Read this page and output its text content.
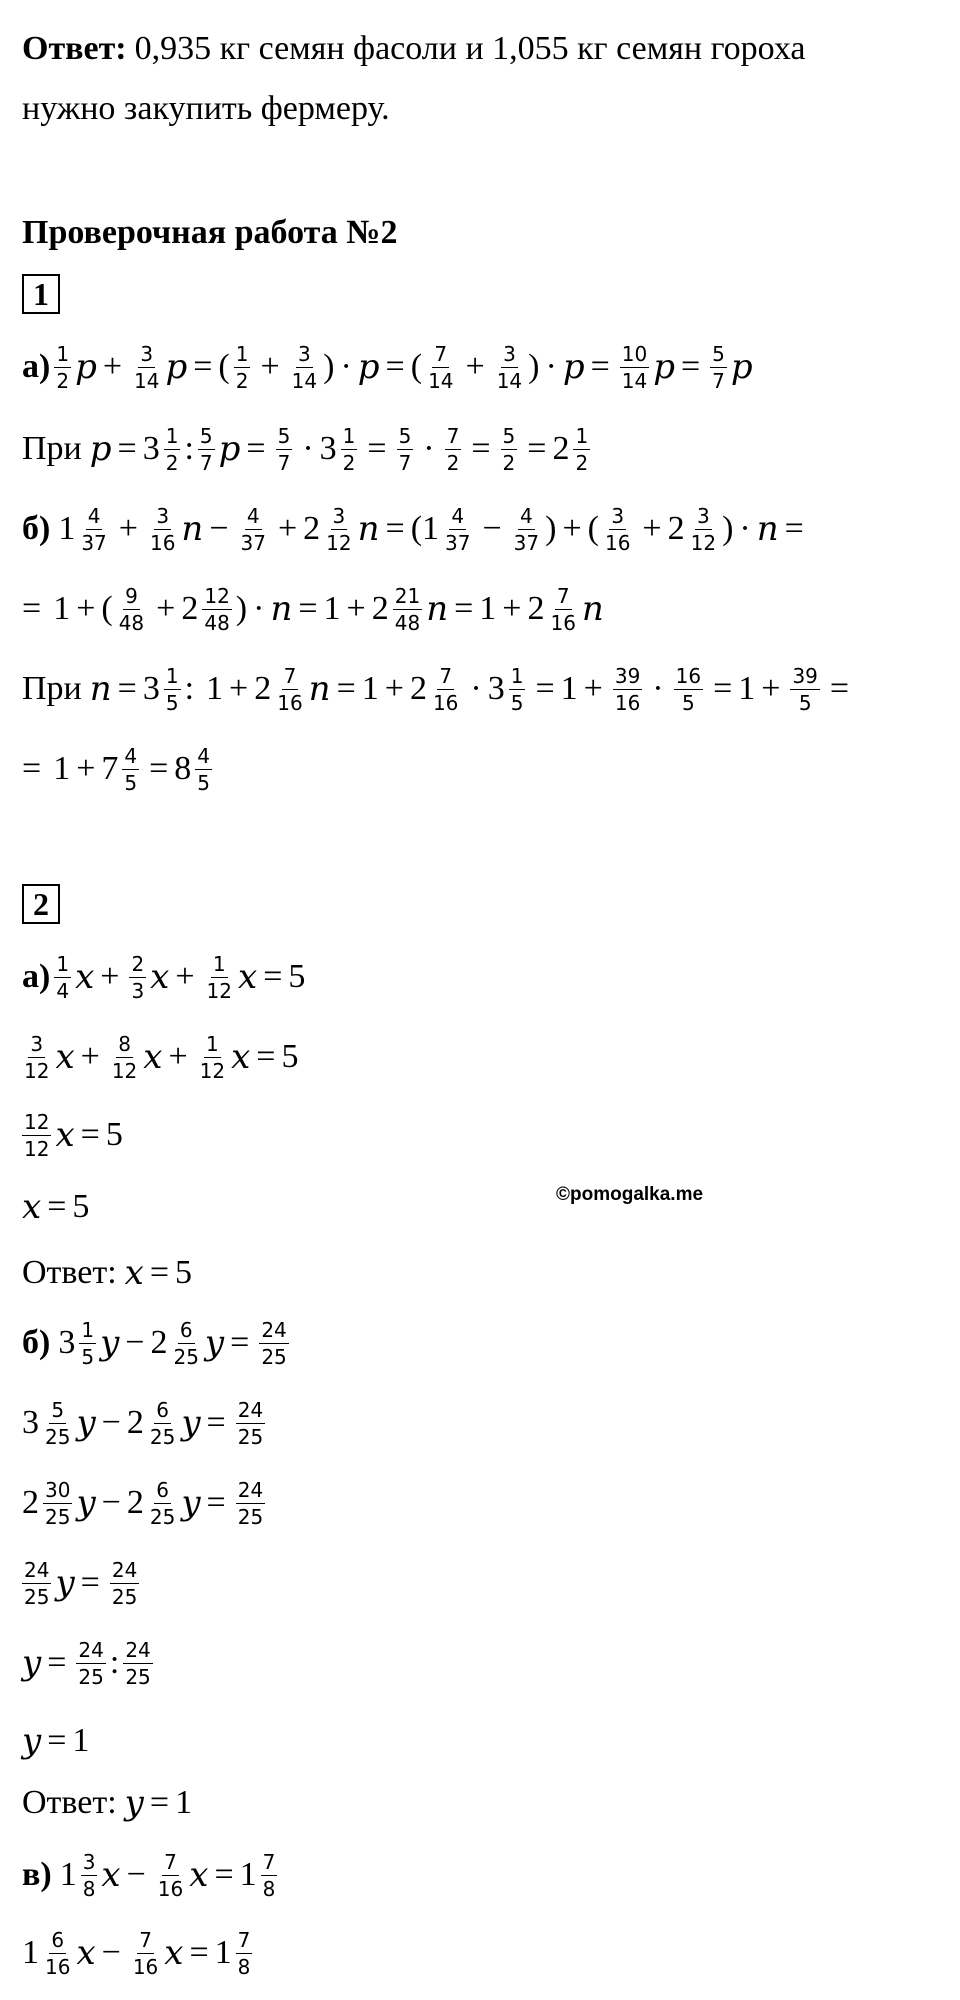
Ответ: 0,935 кг семян фасоли и 1,055 кг семян гороха
нужно закупить фермеру.
Проверочная работа №2
1
а) 1
2 $p + \frac{3}{14}$ p = ( $\frac{1}{2} + \frac{3}{14}$ ) · p = ( $\frac{7}{14} + \frac{3}{14}$ ) · $p = \frac{10}{14}$ $p = \frac{5}{7}$ p
При $p = 3 \frac{1}{2}$ : 5
7 $p = \frac{5}{7} \cdot 3 \frac{1}{2} = \frac{5}{7} \cdot \frac{7}{2} = \frac{5}{2} = 2 \frac{1}{2}$
б) 1 4
$37 + \frac{3}{16}$ $n - \frac{4}{37} + 2 \frac{3}{12}$ $n = (1 \frac{4}{37} - \frac{4}{37}$ ) + ( $\frac{3}{16} + 2 \frac{3}{12}$ ) · n =
= 1 + ( $\frac{9}{48} + 2 \frac{12}{48}$ ) · $n = 1 + 2 \frac{21}{48}$ $n = 1 + 2 \frac{7}{16}$ n
При $n = 3 \frac{1}{5}$ : $1 + 2 \frac{7}{16}$ $n = 1 + 2 \frac{7}{16} \cdot 3 \frac{1}{5} = 1 + \frac{39}{16} \cdot \frac{16}{5} = 1 + \frac{39}{5}$ =
= $1 + 7 \frac{4}{5} = 8 \frac{4}{5}$
2
а) 1
4 $x + \frac{2}{3}$ $x + \frac{1}{12}$ x = 5
3
12 $x + \frac{8}{12}$ $x + \frac{1}{12}$ x = 5
12
12 x = 5
x = 5
Ответ: x = 5
б) 3 1
5 $y - 2 \frac{6}{25}$ $y = \frac{24}{25}$
3 5
25 $y - 2 \frac{6}{25}$ $y = \frac{24}{25}$
2 30
25 $y - 2 \frac{6}{25}$ $y = \frac{24}{25}$
24
25 $y = \frac{24}{25}$
$y = \frac{24}{25}$ : 24
25
y = 1
Ответ: y = 1
в) 1 3
8 $x - \frac{7}{16}$ $x = 1 \frac{7}{8}$
1 6
16 $x - \frac{7}{16}$ $x = 1 \frac{7}{8}$
©pomogalka.me
